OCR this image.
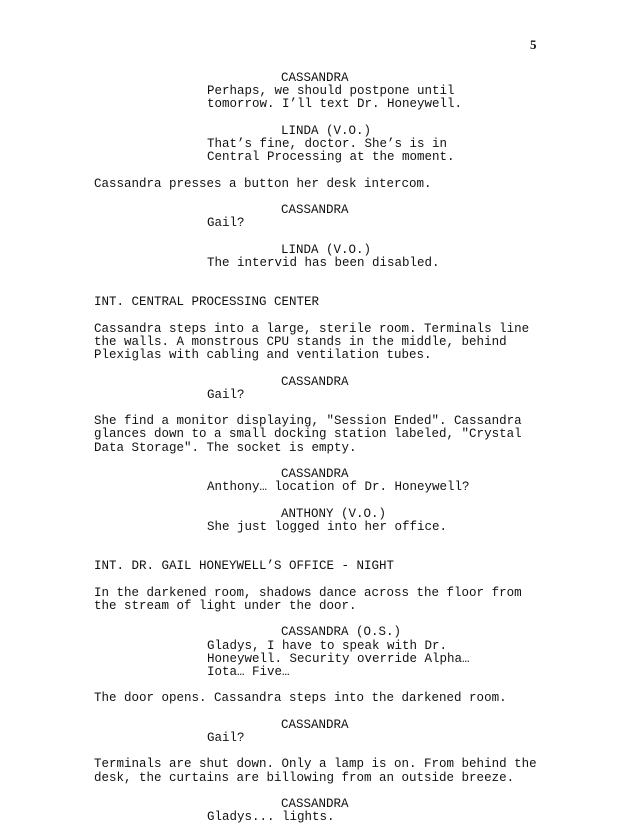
5
CASSANDRA
Perhaps, we should postpone until
tomorrow. I’ll text Dr. Honeywell.
LINDA (V.O.)
That’s fine, doctor. She’s is in
Central Processing at the moment.
Cassandra presses a button her desk intercom.
CASSANDRA
Gail?
LINDA (V.O.)
The intervid has been disabled.
INT. CENTRAL PROCESSING CENTER
Cassandra steps into a large, sterile room. Terminals line
the walls. A monstrous CPU stands in the middle, behind
Plexiglas with cabling and ventilation tubes.
CASSANDRA
Gail?
She find a monitor displaying, "Session Ended". Cassandra
glances down to a small docking station labeled, "Crystal
Data Storage". The socket is empty.
CASSANDRA
Anthony… location of Dr. Honeywell?
ANTHONY (V.O.)
She just logged into her office.
INT. DR. GAIL HONEYWELL’S OFFICE - NIGHT
In the darkened room, shadows dance across the floor from
the stream of light under the door.
CASSANDRA (O.S.)
Gladys, I have to speak with Dr.
Honeywell. Security override Alpha…
Iota… Five…
The door opens. Cassandra steps into the darkened room.
CASSANDRA
Gail?
Terminals are shut down. Only a lamp is on. From behind the
desk, the curtains are billowing from an outside breeze.
CASSANDRA
Gladys... lights.
